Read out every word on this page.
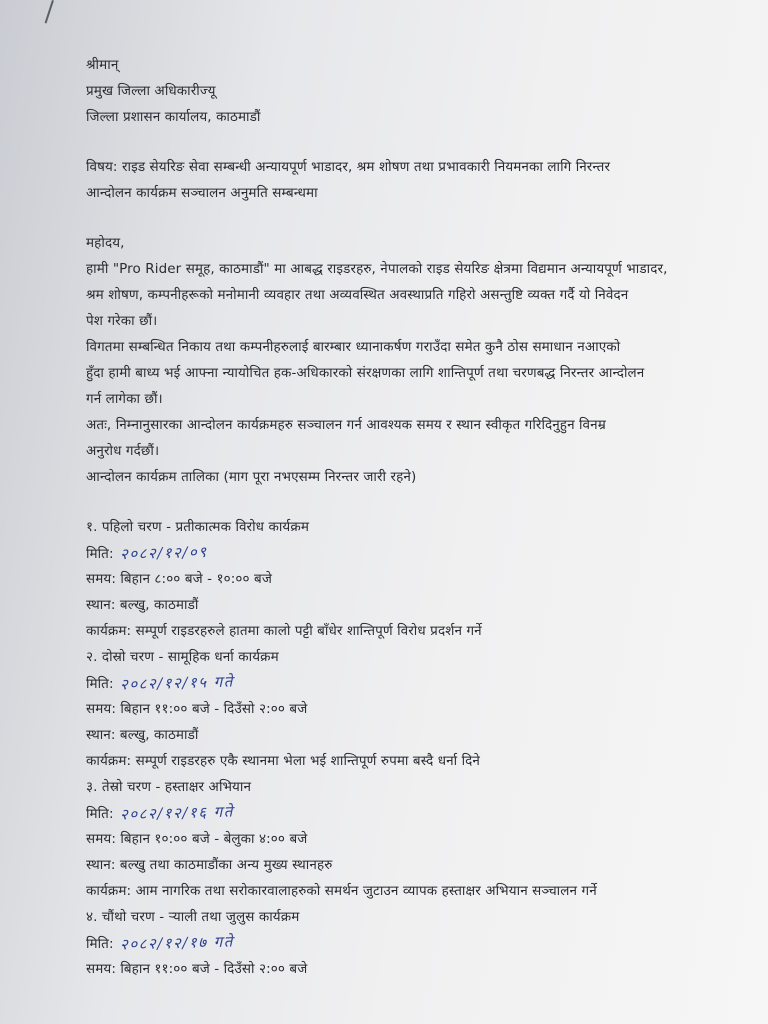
श्रीमान्
प्रमुख जिल्ला अधिकारीज्यू
जिल्ला प्रशासन कार्यालय, काठमाडौं
विषय: राइड सेयरिङ सेवा सम्बन्धी अन्यायपूर्ण भाडादर, श्रम शोषण तथा प्रभावकारी नियमनका लागि निरन्तर
आन्दोलन कार्यक्रम सञ्चालन अनुमति सम्बन्धमा
महोदय,
हामी "Pro Rider समूह, काठमाडौं" मा आबद्ध राइडरहरु, नेपालको राइड सेयरिङ क्षेत्रमा विद्यमान अन्यायपूर्ण भाडादर,
श्रम शोषण, कम्पनीहरूको मनोमानी व्यवहार तथा अव्यवस्थित अवस्थाप्रति गहिरो असन्तुष्टि व्यक्त गर्दै यो निवेदन
पेश गरेका छौं।
विगतमा सम्बन्धित निकाय तथा कम्पनीहरुलाई बारम्बार ध्यानाकर्षण गराउँदा समेत कुनै ठोस समाधान नआएको
हुँदा हामी बाध्य भई आफ्ना न्यायोचित हक-अधिकारको संरक्षणका लागि शान्तिपूर्ण तथा चरणबद्ध निरन्तर आन्दोलन
गर्न लागेका छौं।
अतः, निम्नानुसारका आन्दोलन कार्यक्रमहरु सञ्चालन गर्न आवश्यक समय र स्थान स्वीकृत गरिदिनुहुन विनम्र
अनुरोध गर्दछौं।
आन्दोलन कार्यक्रम तालिका (माग पूरा नभएसम्म निरन्तर जारी रहने)
१. पहिलो चरण - प्रतीकात्मक विरोध कार्यक्रम
मिति: २०८२/१२/०९
समय: बिहान ८:०० बजे - १०:०० बजे
स्थान: बल्खु, काठमाडौं
कार्यक्रम: सम्पूर्ण राइडरहरुले हातमा कालो पट्टी बाँधेर शान्तिपूर्ण विरोध प्रदर्शन गर्ने
२. दोस्रो चरण - सामूहिक धर्ना कार्यक्रम
मिति: २०८२/१२/१५ गते
समय: बिहान ११:०० बजे - दिउँसो २:०० बजे
स्थान: बल्खु, काठमाडौं
कार्यक्रम: सम्पूर्ण राइडरहरु एकै स्थानमा भेला भई शान्तिपूर्ण रुपमा बस्दै धर्ना दिने
३. तेस्रो चरण - हस्ताक्षर अभियान
मिति: २०८२/१२/१६ गते
समय: बिहान १०:०० बजे - बेलुका ४:०० बजे
स्थान: बल्खु तथा काठमाडौंका अन्य मुख्य स्थानहरु
कार्यक्रम: आम नागरिक तथा सरोकारवालाहरुको समर्थन जुटाउन व्यापक हस्ताक्षर अभियान सञ्चालन गर्ने
४. चौंथो चरण - र्‍याली तथा जुलुस कार्यक्रम
मिति: २०८२/१२/१७ गते
समय: बिहान ११:०० बजे - दिउँसो २:०० बजे
